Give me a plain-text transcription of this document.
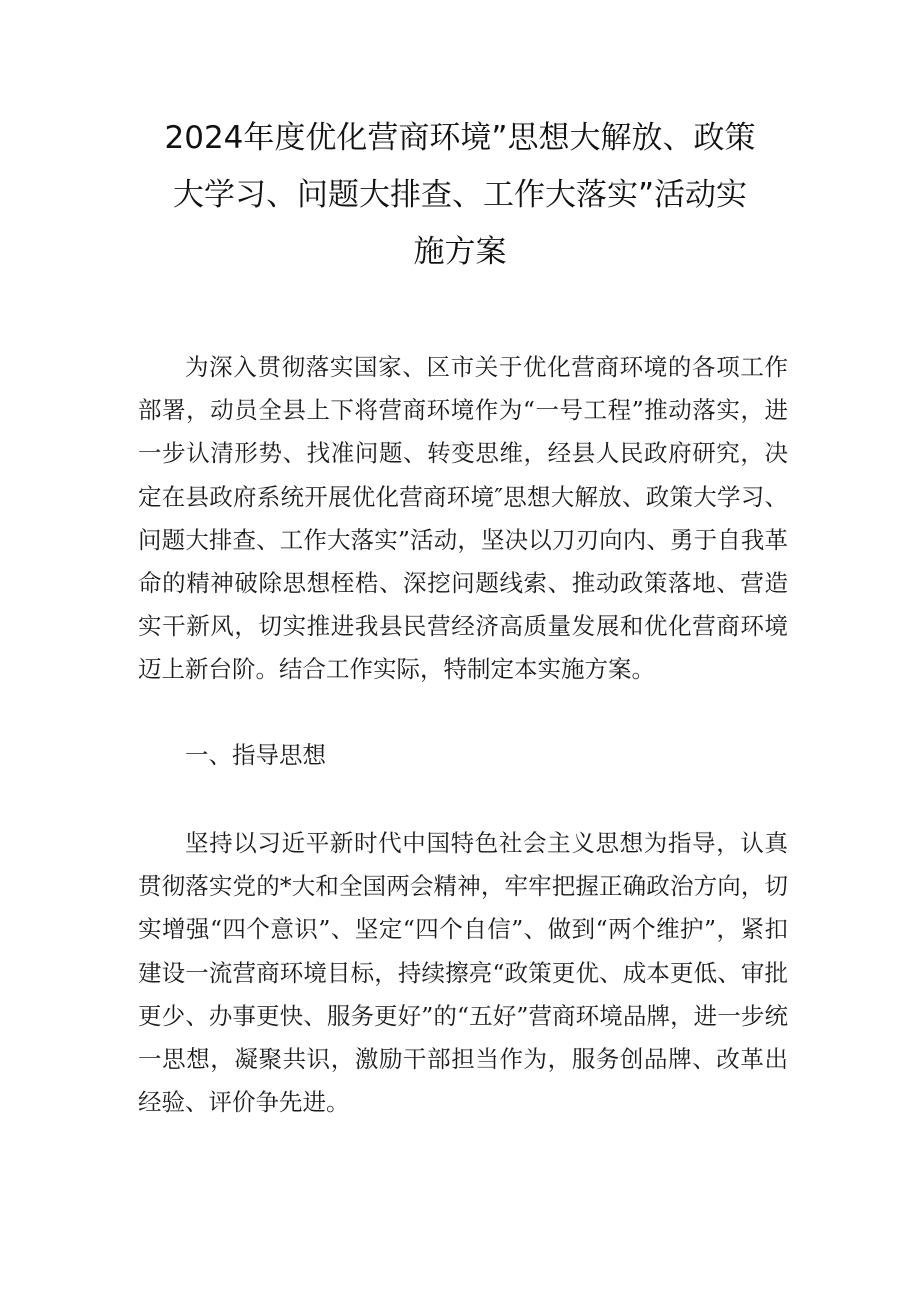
2024年度优化营商环境”思想大解放、政策
大学习、问题大排查、工作大落实”活动实
施方案

为深入贯彻落实国家、区市关于优化营商环境的各项工作部署，动员全县上下将营商环境作为“一号工程”推动落实，进一步认清形势、找准问题、转变思维，经县人民政府研究，决定在县政府系统开展优化营商环境″思想大解放、政策大学习、问题大排查、工作大落实”活动，坚决以刀刃向内、勇于自我革命的精神破除思想桎梏、深挖问题线索、推动政策落地、营造实干新风，切实推进我县民营经济高质量发展和优化营商环境迈上新台阶。结合工作实际，特制定本实施方案。

一、指导思想

坚持以习近平新时代中国特色社会主义思想为指导，认真贯彻落实党的*大和全国两会精神，牢牢把握正确政治方向，切实增强“四个意识”、坚定“四个自信”、做到“两个维护”，紧扣建设一流营商环境目标，持续擦亮“政策更优、成本更低、审批更少、办事更快、服务更好”的“五好”营商环境品牌，进一步统一思想，凝聚共识，激励干部担当作为，服务创品牌、改革出经验、评价争先进。
